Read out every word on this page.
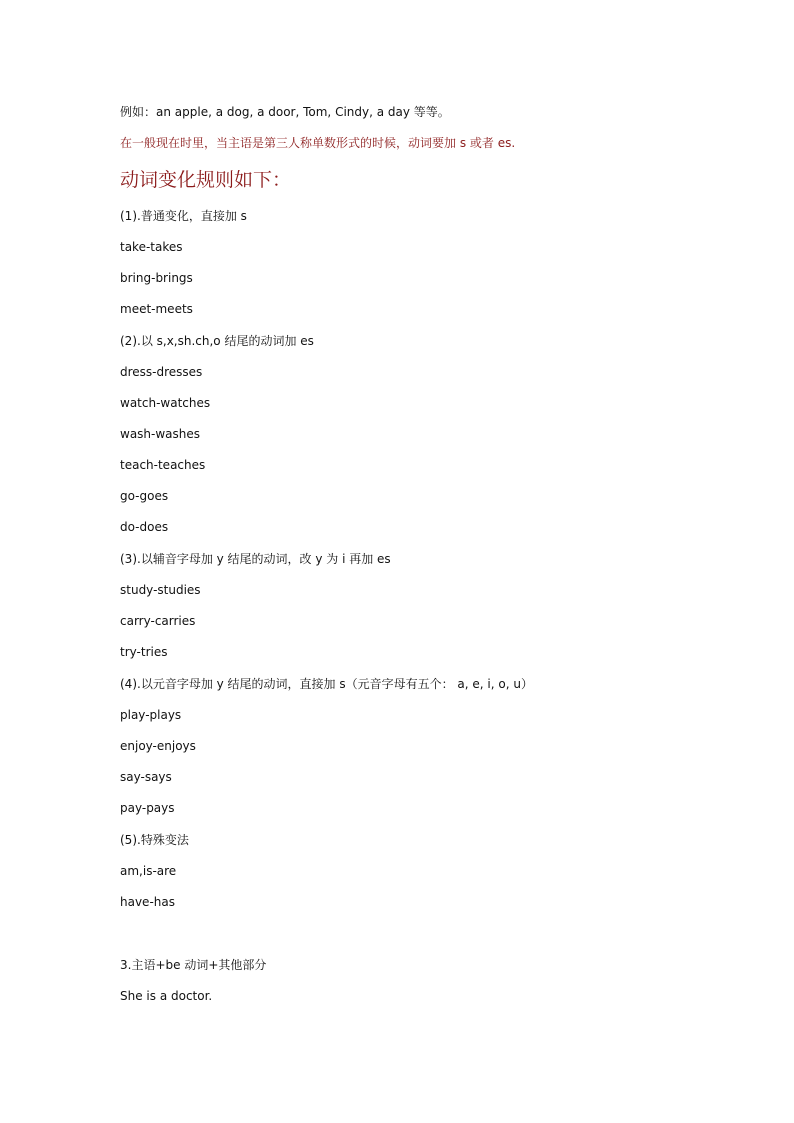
例如：an apple, a dog, a door, Tom, Cindy, a day 等等。
在一般现在时里，当主语是第三人称单数形式的时候，动词要加 s 或者 es.
动词变化规则如下：
(1).普通变化，直接加 s
take-takes
bring-brings
meet-meets
(2).以 s,x,sh.ch,o 结尾的动词加 es
dress-dresses
watch-watches
wash-washes
teach-teaches
go-goes
do-does
(3).以辅音字母加 y 结尾的动词，改 y 为 i 再加 es
study-studies
carry-carries
try-tries
(4).以元音字母加 y 结尾的动词，直接加 s（元音字母有五个： a, e, i, o, u）
play-plays
enjoy-enjoys
say-says
pay-pays
(5).特殊变法
am,is-are
have-has
3.主语+be 动词+其他部分
She is a doctor.
